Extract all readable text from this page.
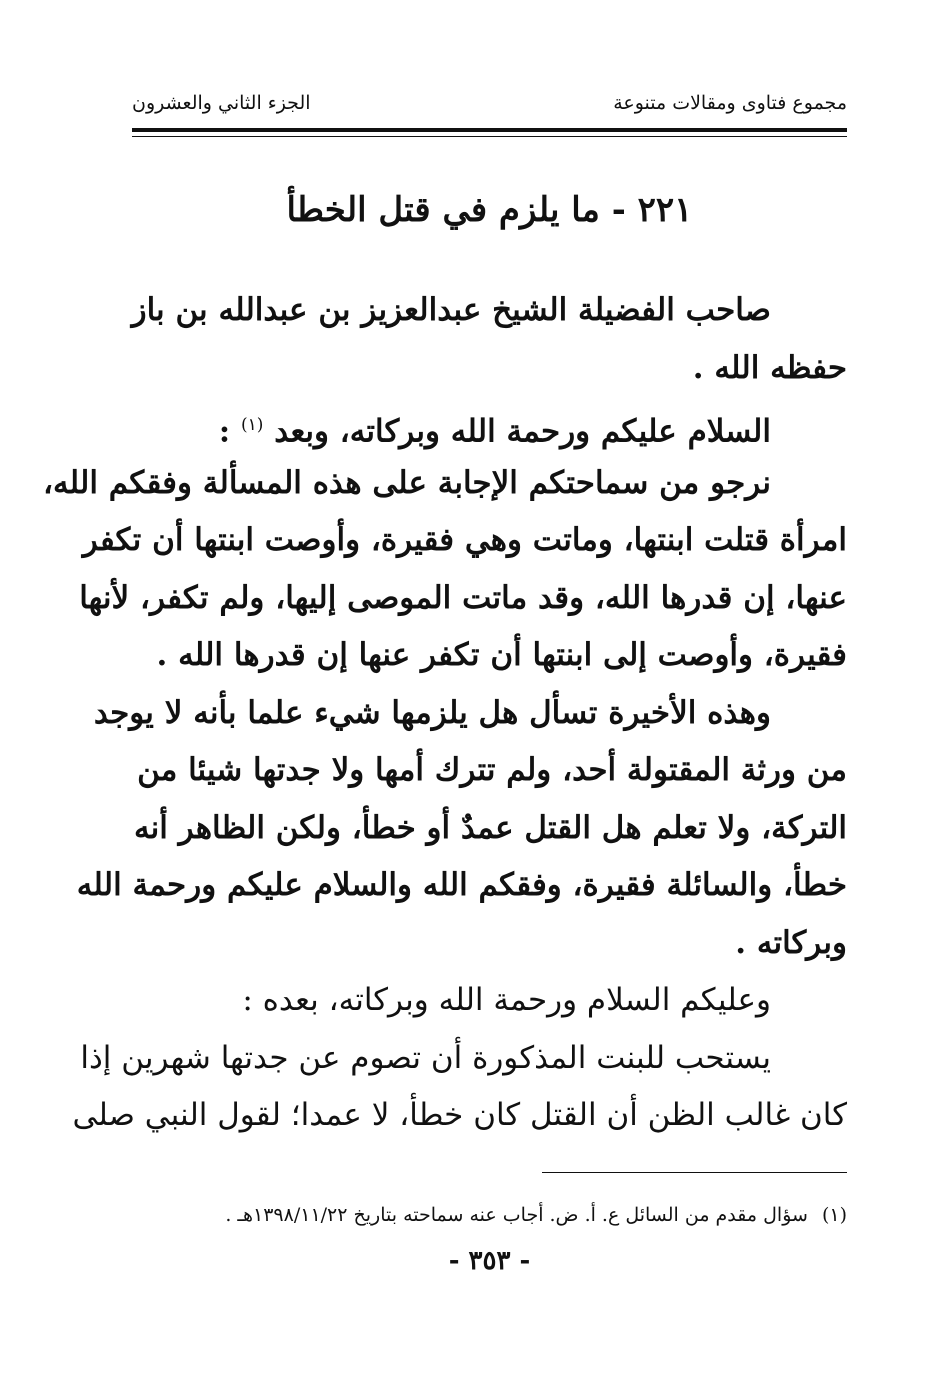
مجموع فتاوى ومقالات متنوعة
الجزء الثاني والعشرون
٢٢١ - ما يلزم في قتل الخطأ
صاحب الفضيلة الشيخ عبدالعزيز بن عبدالله بن باز
حفظه الله .
السلام عليكم ورحمة الله وبركاته، وبعد $^{(١)}$ :
نرجو من سماحتكم الإجابة على هذه المسألة وفقكم الله،
امرأة قتلت ابنتها، وماتت وهي فقيرة، وأوصت ابنتها أن تكفر
عنها، إن قدرها الله، وقد ماتت الموصى إليها، ولم تكفر، لأنها
فقيرة، وأوصت إلى ابنتها أن تكفر عنها إن قدرها الله .
وهذه الأخيرة تسأل هل يلزمها شيء علما بأنه لا يوجد
من ورثة المقتولة أحد، ولم تترك أمها ولا جدتها شيئا من
التركة، ولا تعلم هل القتل عمدٌ أو خطأ، ولكن الظاهر أنه
خطأ، والسائلة فقيرة، وفقكم الله والسلام عليكم ورحمة الله
وبركاته .
وعليكم السلام ورحمة الله وبركاته، بعده :
يستحب للبنت المذكورة أن تصوم عن جدتها شهرين إذا
كان غالب الظن أن القتل كان خطأ، لا عمدا؛ لقول النبي صلى
(١)سؤال مقدم من السائل ع. أ. ض. أجاب عنه سماحته بتاريخ ١٣٩٨/١١/٢٢هـ .
- ٣٥٣ -
